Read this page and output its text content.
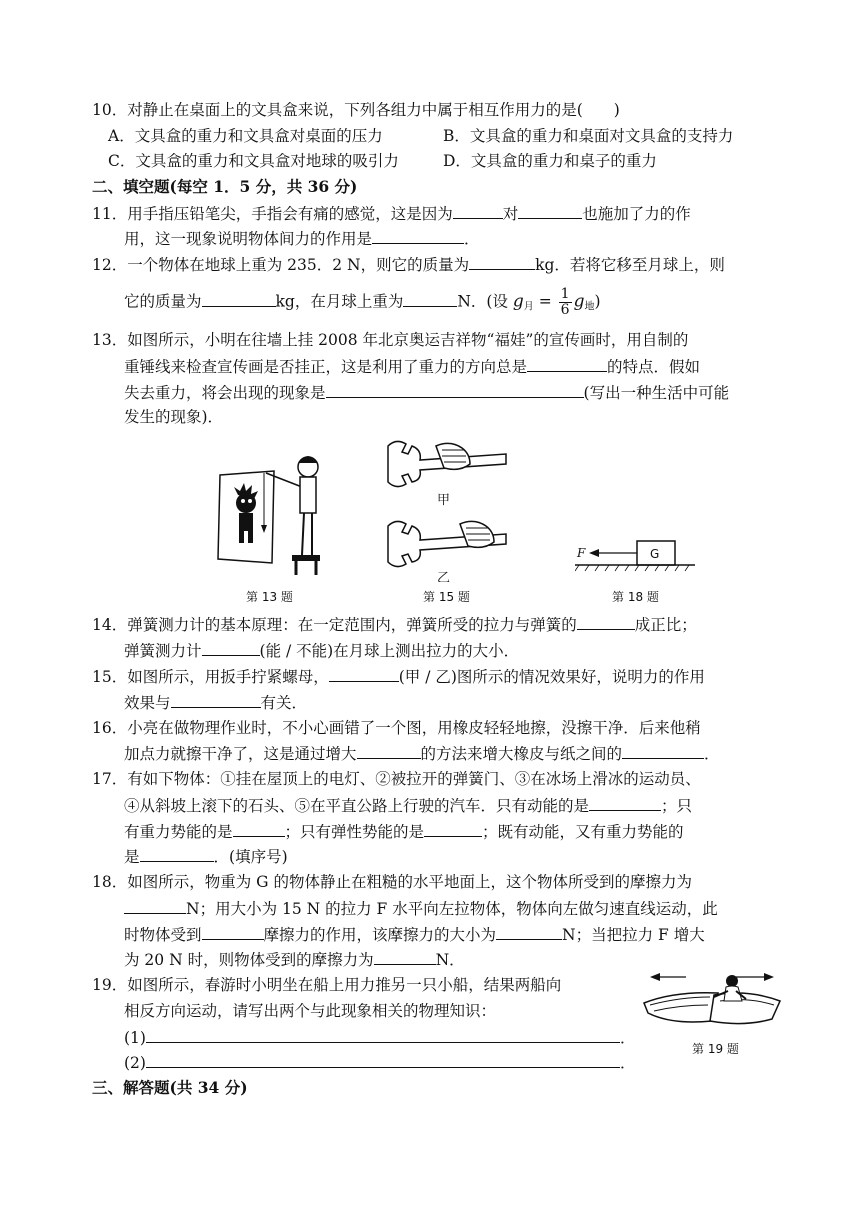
10．对静止在桌面上的文具盒来说，下列各组力中属于相互作用力的是(　　)
A．文具盒的重力和文具盒对桌面的压力	B．文具盒的重力和桌面对文具盒的支持力
C．文具盒的重力和文具盒对地球的吸引力	D．文具盒的重力和桌子的重力
二、填空题(每空 1．5 分，共 36 分)
11．用手指压铅笔尖，手指会有痛的感觉，这是因为	对	也施加了力的作
用，这一现象说明物体间力的作用是	．
12．一个物体在地球上重为 235．2 N，则它的质量为	kg．若将它移至月球上，则
它的质量为	kg，在月球上重为	N．(设 $g_月 = \frac{1}{6} g_地$)
13．如图所示，小明在往墙上挂 2008 年北京奥运吉祥物“福娃”的宣传画时，用自制的
重锤线来检查宣传画是否挂正，这是利用了重力的方向总是	的特点．假如
失去重力，将会出现的现象是	(写出一种生活中可能
发生的现象)．
第 13 题
甲
乙
第 15 题
G
F
第 18 题
14．弹簧测力计的基本原理：在一定范围内，弹簧所受的拉力与弹簧的	成正比；
弹簧测力计	(能 / 不能)在月球上测出拉力的大小．
15．如图所示，用扳手拧紧螺母，	(甲 / 乙)图所示的情况效果好，说明力的作用
效果与	有关．
16．小亮在做物理作业时，不小心画错了一个图，用橡皮轻轻地擦，没擦干净．后来他稍
加点力就擦干净了，这是通过增大	的方法来增大橡皮与纸之间的	．
17．有如下物体：①挂在屋顶上的电灯、②被拉开的弹簧门、③在冰场上滑冰的运动员、
④从斜坡上滚下的石头、⑤在平直公路上行驶的汽车．只有动能的是	；只
有重力势能的是	；只有弹性势能的是	；既有动能，又有重力势能的
是	．(填序号)
18．如图所示，物重为 G 的物体静止在粗糙的水平地面上，这个物体所受到的摩擦力为
N；用大小为 15 N 的拉力 F 水平向左拉物体，物体向左做匀速直线运动，此
时物体受到	摩擦力的作用，该摩擦力的大小为	N；当把拉力 F 增大
为 20 N 时，则物体受到的摩擦力为	N．
19．如图所示，春游时小明坐在船上用力推另一只小船，结果两船向
相反方向运动，请写出两个与此现象相关的物理知识：
(1)	．
(2)	．
第 19 题
三、解答题(共 34 分)
